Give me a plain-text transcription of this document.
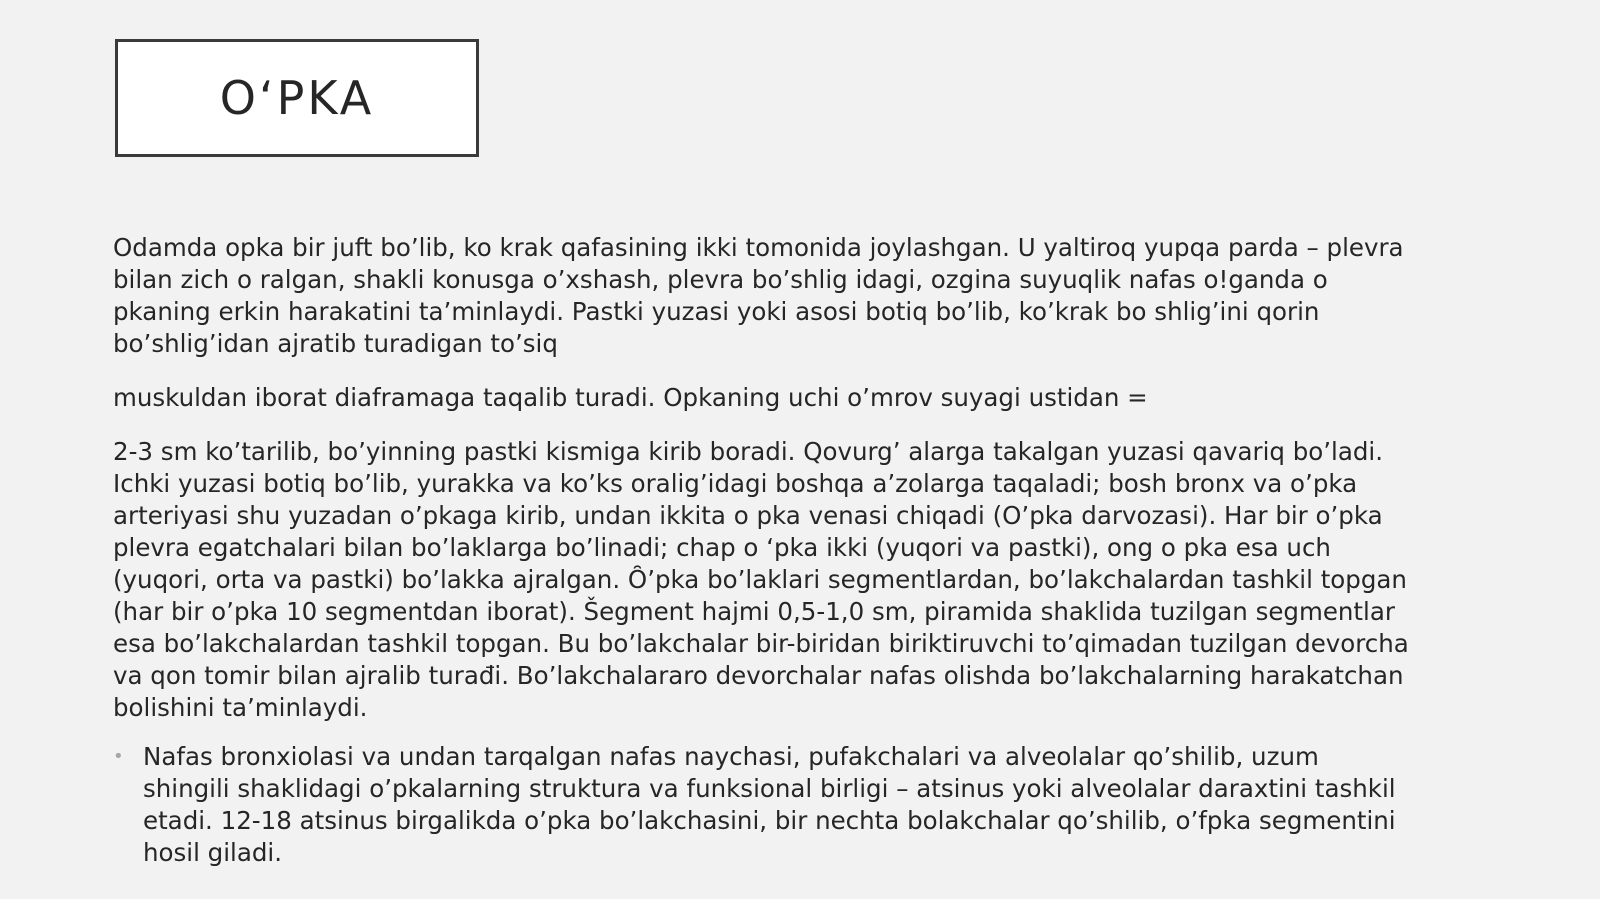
O‘PKA

Odamda opka bir juft bo’lib, ko krak qafasining ikki tomonida joylashgan. U yaltiroq yupqa parda – plevra bilan zich o ralgan, shakli konusga o’xshash, plevra bo’shlig idagi, ozgina suyuqlik nafas o!ganda o pkaning erkin harakatini ta’minlaydi. Pastki yuzasi yoki asosi botiq bo’lib, ko’krak bo shlig’ini qorin bo’shlig’idan ajratib turadigan to’siq

muskuldan iborat diaframaga taqalib turadi. Opkaning uchi o’mrov suyagi ustidan =

2-3 sm ko’tarilib, bo’yinning pastki kismiga kirib boradi. Qovurg’ alarga takalgan yuzasi qavariq bo’ladi. Ichki yuzasi botiq bo’lib, yurakka va ko’ks oralig’idagi boshqa a’zolarga taqaladi; bosh bronx va o’pka arteriyasi shu yuzadan o’pkaga kirib, undan ikkita o pka venasi chiqadi (O’pka darvozasi). Har bir o’pka plevra egatchalari bilan bo’laklarga bo’linadi; chap o ‘pka ikki (yuqori va pastki), ong o pka esa uch (yuqori, orta va pastki) bo’lakka ajralgan. Ȏ’pka bo’laklari segmentlardan, bo’lakchalardan tashkil topgan (har bir o’pka 10 segmentdan iborat). Šegment hajmi 0,5-1,0 sm, piramida shaklida tuzilgan segmentlar esa bo’lakchalardan tashkil topgan. Bu bo’lakchalar bir-biridan biriktiruvchi to’qimadan tuzilgan devorcha va qon tomir bilan ajralib turađi. Bo’lakchalararo devorchalar nafas olishda bo’lakchalarning harakatchan bolishini ta’minlaydi.

• Nafas bronxiolasi va undan tarqalgan nafas naychasi, pufakchalari va alveolalar qo’shilib, uzum shingili shaklidagi o’pkalarning struktura va funksional birligi – atsinus yoki alveolalar daraxtini tashkil etadi. 12-18 atsinus birgalikda o’pka bo’lakchasini, bir nechta bolakchalar qo’shilib, o’fpka segmentini hosil giladi.
